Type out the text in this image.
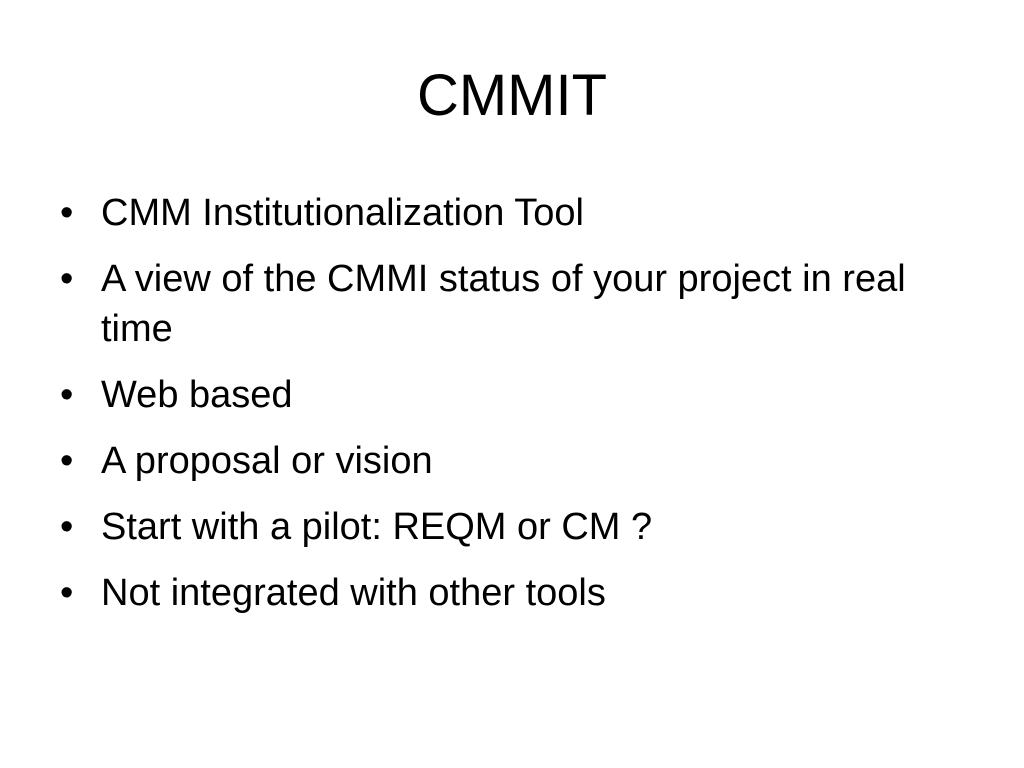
CMMIT
• CMM Institutionalization Tool
• A view of the CMMI status of your project in real time
• Web based
• A proposal or vision
• Start with a pilot: REQM or CM ?
• Not integrated with other tools
